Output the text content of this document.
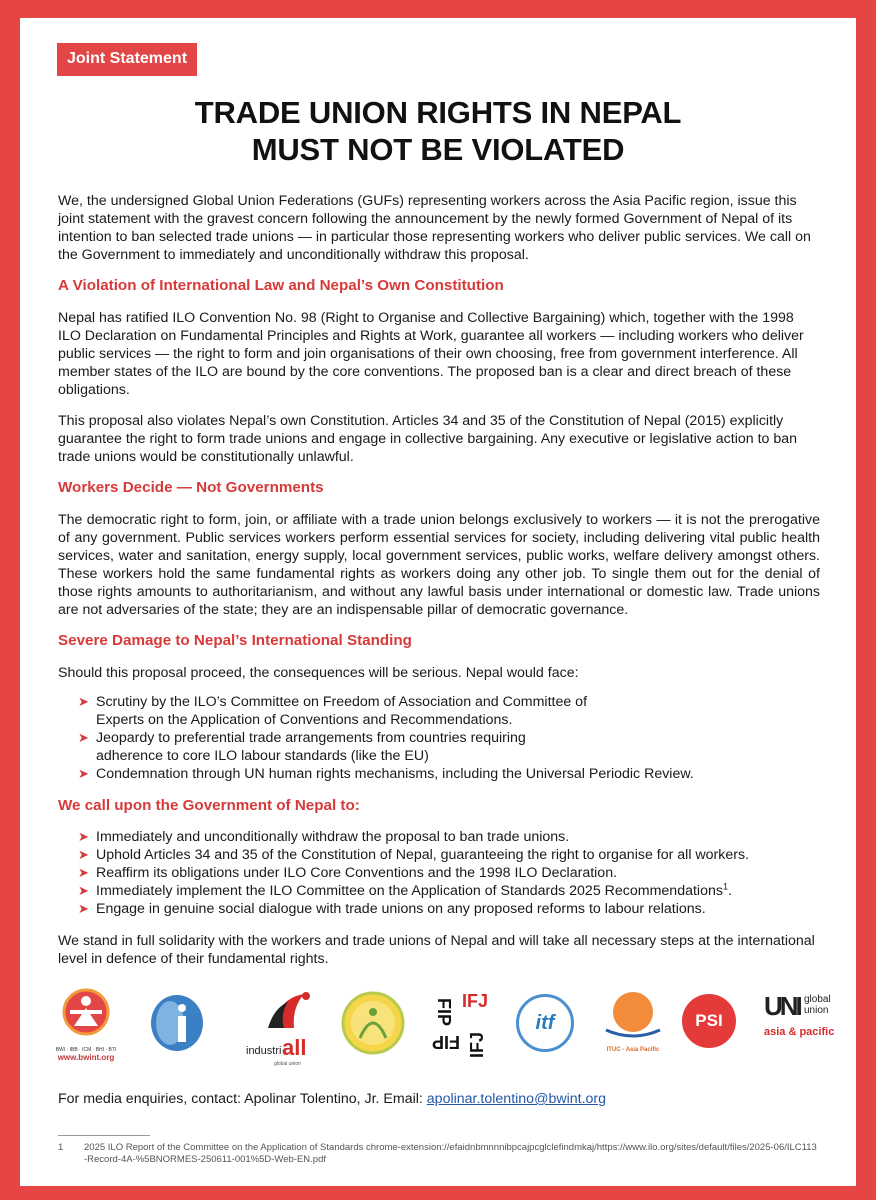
Joint Statement
TRADE UNION RIGHTS IN NEPAL
MUST NOT BE VIOLATED

We, the undersigned Global Union Federations (GUFs) representing workers across the Asia Pacific region, issue this joint statement with the gravest concern following the announcement by the newly formed Government of Nepal of its intention to ban selected trade unions — in particular those representing workers who deliver public services. We call on the Government to immediately and unconditionally withdraw this proposal.

A Violation of International Law and Nepal’s Own Constitution

Nepal has ratified ILO Convention No. 98 (Right to Organise and Collective Bargaining) which, together with the 1998 ILO Declaration on Fundamental Principles and Rights at Work, guarantee all workers — including workers who deliver public services — the right to form and join organisations of their own choosing, free from government interference. All member states of the ILO are bound by the core conventions. The proposed ban is a clear and direct breach of these obligations.

This proposal also violates Nepal’s own Constitution. Articles 34 and 35 of the Constitution of Nepal (2015) explicitly guarantee the right to form trade unions and engage in collective bargaining. Any executive or legislative action to ban trade unions would be constitutionally unlawful.

Workers Decide — Not Governments

The democratic right to form, join, or affiliate with a trade union belongs exclusively to workers — it is not the prerogative of any government. Public services workers perform essential services for society, including delivering vital public health services, water and sanitation, energy supply, local government services, public works, welfare delivery amongst others. These workers hold the same fundamental rights as workers doing any other job. To single them out for the denial of those rights amounts to authoritarianism, and without any lawful basis under international or domestic law. Trade unions are not adversaries of the state; they are an indispensable pillar of democratic governance.

Severe Damage to Nepal’s International Standing

Should this proposal proceed, the consequences will be serious. Nepal would face:

➤ Scrutiny by the ILO’s Committee on Freedom of Association and Committee of Experts on the Application of Conventions and Recommendations.
➤ Jeopardy to preferential trade arrangements from countries requiring adherence to core ILO labour standards (like the EU)
➤ Condemnation through UN human rights mechanisms, including the Universal Periodic Review.
We call upon the Government of Nepal to:
➤ Immediately and unconditionally withdraw the proposal to ban trade unions.
➤ Uphold Articles 34 and 35 of the Constitution of Nepal, guaranteeing the right to organise for all workers.
➤ Reaffirm its obligations under ILO Core Conventions and the 1998 ILO Declaration.
➤ Immediately implement the ILO Committee on the Application of Standards 2025 Recommendations$^1$.
➤ Engage in genuine social dialogue with trade unions on any proposed reforms to labour relations.

We stand in full solidarity with the workers and trade unions of Nepal and will take all necessary steps at the international level in defence of their fundamental rights.

BWI · IBB · ICM · BHI · BTI
www.bwint.org
industri all
global union
IFJ
FIP
FIP IFJ
itf
ITUC - Asia Pacific
PSI UNI global
union
asia & pacific
For media enquiries, contact: Apolinar Tolentino, Jr. Email: apolinar.tolentino@bwint.org
1 2025 ILO Report of the Committee on the Application of Standards chrome-extension://efaidnbmnnnibpcajpcglclefindmkaj/https://www.ilo.org/sites/default/files/2025-06/ILC113-Record-4A-%5BNORMES-250611-001%5D-Web-EN.pdf
